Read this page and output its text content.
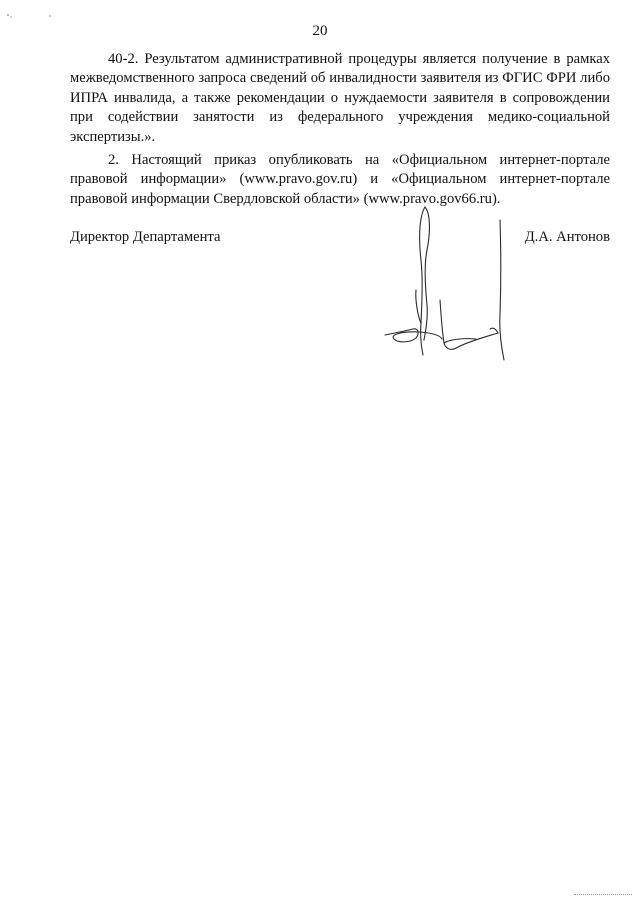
20

40-2. Результатом административной процедуры является получение в рамках межведомственного запроса сведений об инвалидности заявителя из ФГИС ФРИ либо ИПРА инвалида, а также рекомендации о нуждаемости заявителя в сопровождении при содействии занятости из федерального учреждения медико-социальной экспертизы.».

2. Настоящий приказ опубликовать на «Официальном интернет-портале правовой информации» (www.pravo.gov.ru) и «Официальном интернет-портале правовой информации Свердловской области» (www.pravo.gov66.ru).

Директор Департамента	Д.А. Антонов
